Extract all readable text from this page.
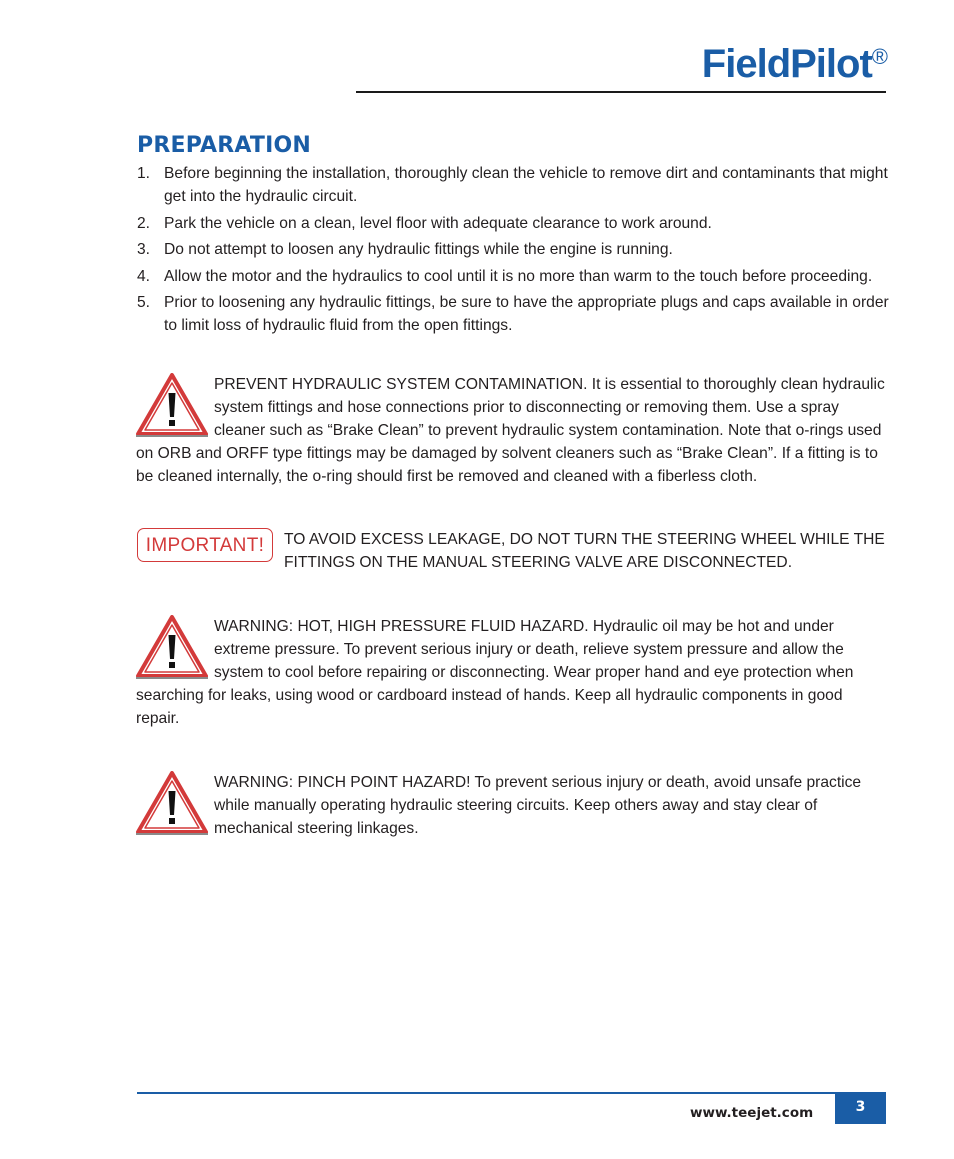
FieldPilot®
PREPARATION
1. Before beginning the installation, thoroughly clean the vehicle to remove dirt and contaminants that might get into the hydraulic circuit.
2. Park the vehicle on a clean, level floor with adequate clearance to work around.
3. Do not attempt to loosen any hydraulic fittings while the engine is running.
4. Allow the motor and the hydraulics to cool until it is no more than warm to the touch before proceeding.
5. Prior to loosening any hydraulic fittings, be sure to have the appropriate plugs and caps available in order to limit loss of hydraulic fluid from the open fittings.
PREVENT HYDRAULIC SYSTEM CONTAMINATION. It is essential to thoroughly clean hydraulic system fittings and hose connections prior to disconnecting or removing them. Use a spray cleaner such as “Brake Clean” to prevent hydraulic system contamination. Note that o-rings used on ORB and ORFF type fittings may be damaged by solvent cleaners such as “Brake Clean”. If a fitting is to be cleaned internally, the o-ring should first be removed and cleaned with a fiberless cloth.
IMPORTANT!	TO AVOID EXCESS LEAKAGE, DO NOT TURN THE STEERING WHEEL WHILE THE FITTINGS ON THE MANUAL STEERING VALVE ARE DISCONNECTED.
WARNING: HOT, HIGH PRESSURE FLUID HAZARD. Hydraulic oil may be hot and under extreme pressure. To prevent serious injury or death, relieve system pressure and allow the system to cool before repairing or disconnecting. Wear proper hand and eye protection when searching for leaks, using wood or cardboard instead of hands. Keep all hydraulic components in good repair.
WARNING: PINCH POINT HAZARD! To prevent serious injury or death, avoid unsafe practice while manually operating hydraulic steering circuits. Keep others away and stay clear of mechanical steering linkages.
www.teejet.com	3
